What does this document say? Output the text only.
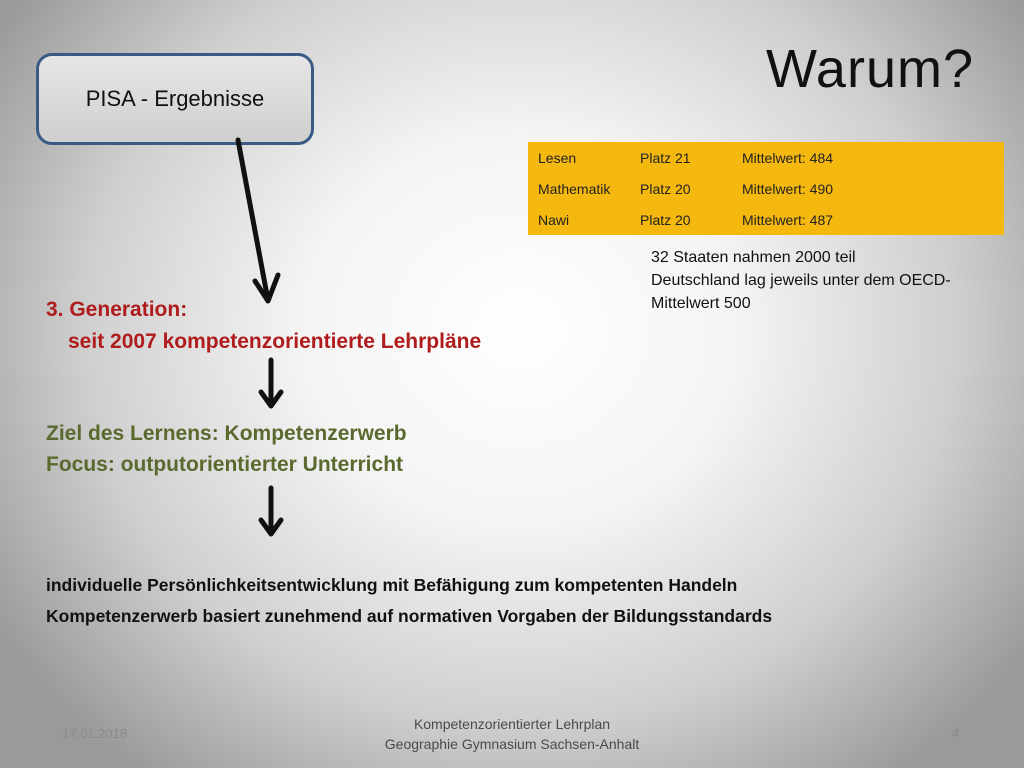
Warum?
PISA - Ergebnisse
Lesen	Platz 21	Mittelwert: 484
Mathematik	Platz 20	Mittelwert: 490
Nawi	Platz 20	Mittelwert: 487
32 Staaten nahmen 2000 teil
Deutschland lag jeweils unter dem OECD-
Mittelwert 500
3. Generation:
seit 2007 kompetenzorientierte Lehrpläne
Ziel des Lernens: Kompetenzerwerb
Focus: outputorientierter Unterricht
individuelle Persönlichkeitsentwicklung mit Befähigung zum kompetenten Handeln
Kompetenzerwerb basiert zunehmend auf normativen Vorgaben der Bildungsstandards
17.01.2018
Kompetenzorientierter Lehrplan
Geographie Gymnasium Sachsen-Anhalt
4
